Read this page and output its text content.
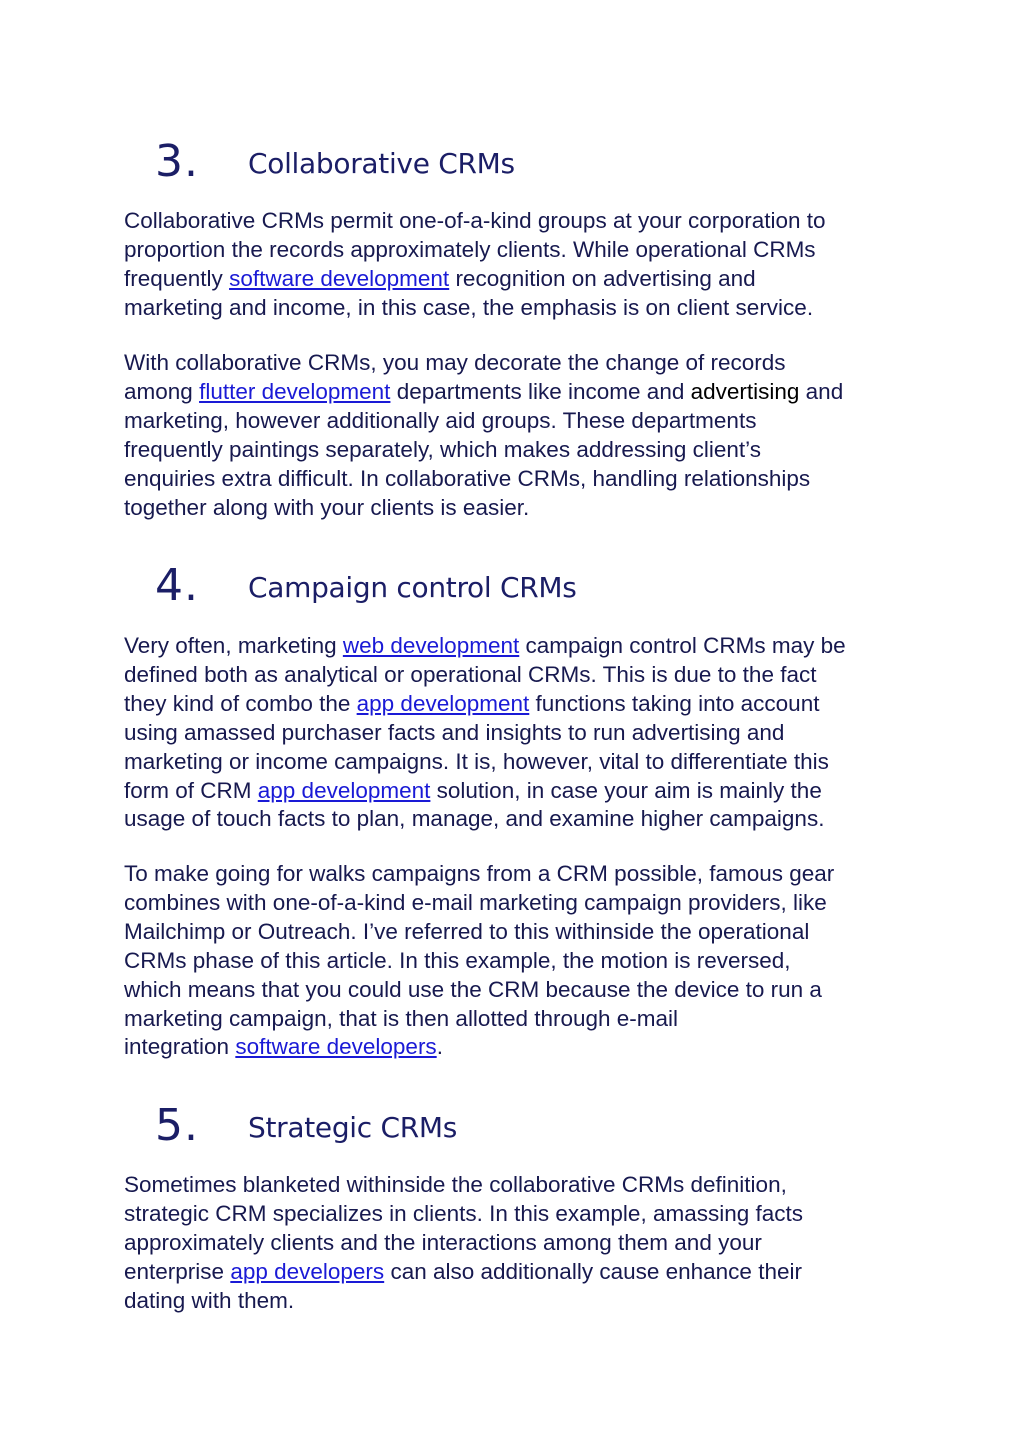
3. Collaborative CRMs

Collaborative CRMs permit one-of-a-kind groups at your corporation to
proportion the records approximately clients. While operational CRMs
frequently software development recognition on advertising and
marketing and income, in this case, the emphasis is on client service.

With collaborative CRMs, you may decorate the change of records
among flutter development departments like income and advertising and
marketing, however additionally aid groups. These departments
frequently paintings separately, which makes addressing client’s
enquiries extra difficult. In collaborative CRMs, handling relationships
together along with your clients is easier.

4. Campaign control CRMs

Very often, marketing web development campaign control CRMs may be
defined both as analytical or operational CRMs. This is due to the fact
they kind of combo the app development functions taking into account
using amassed purchaser facts and insights to run advertising and
marketing or income campaigns. It is, however, vital to differentiate this
form of CRM app development solution, in case your aim is mainly the
usage of touch facts to plan, manage, and examine higher campaigns.

To make going for walks campaigns from a CRM possible, famous gear
combines with one-of-a-kind e-mail marketing campaign providers, like
Mailchimp or Outreach. I’ve referred to this withinside the operational
CRMs phase of this article. In this example, the motion is reversed,
which means that you could use the CRM because the device to run a
marketing campaign, that is then allotted through e-mail
integration software developers.

5. Strategic CRMs

Sometimes blanketed withinside the collaborative CRMs definition,
strategic CRM specializes in clients. In this example, amassing facts
approximately clients and the interactions among them and your
enterprise app developers can also additionally cause enhance their
dating with them.
